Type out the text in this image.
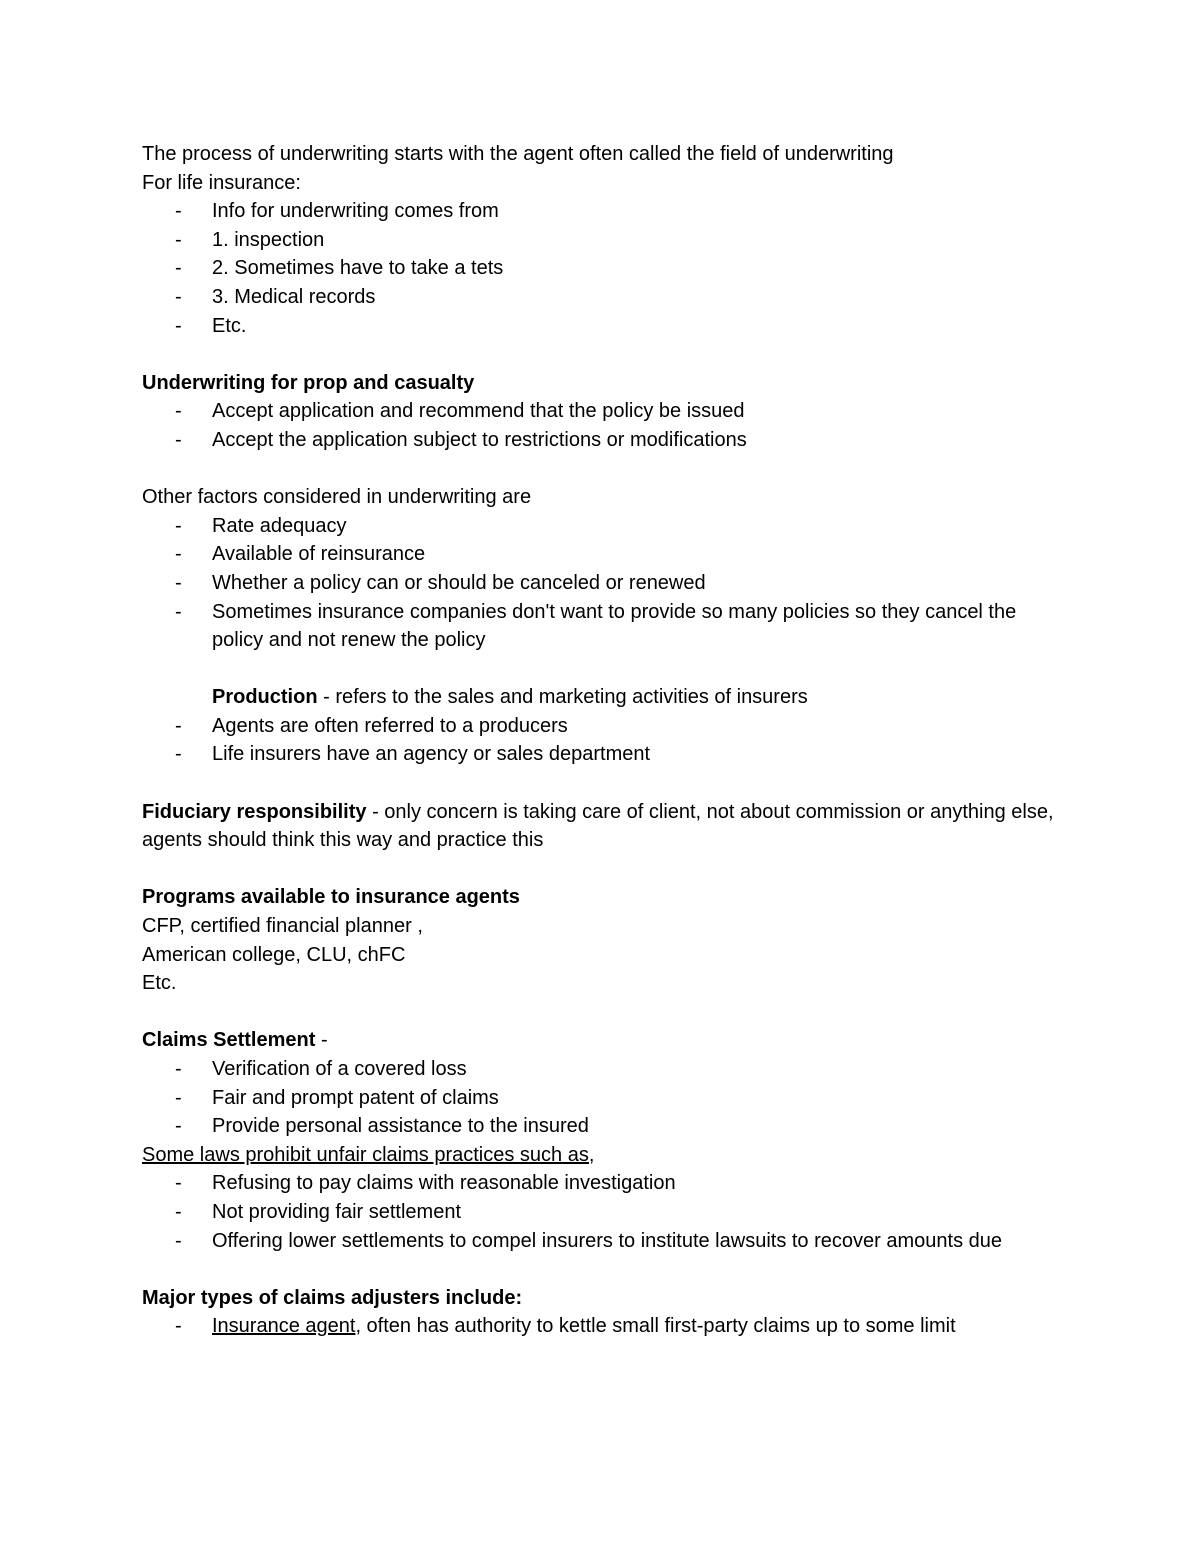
The process of underwriting starts with the agent often called the field of underwriting
For life insurance:
-	Info for underwriting comes from
-	1. inspection
-	2. Sometimes have to take a tets
-	3. Medical records
-	Etc.
Underwriting for prop and casualty
-	Accept application and recommend that the policy be issued
-	Accept the application subject to restrictions or modifications
Other factors considered in underwriting are
-	Rate adequacy
-	Available of reinsurance
-	Whether a policy can or should be canceled or renewed
-	Sometimes insurance companies don't want to provide so many policies so they cancel the policy and not renew the policy
Production - refers to the sales and marketing activities of insurers
-	Agents are often referred to a producers
-	Life insurers have an agency or sales department
Fiduciary responsibility - only concern is taking care of client, not about commission or anything else, agents should think this way and practice this
Programs available to insurance agents
CFP, certified financial planner ,
American college, CLU, chFC
Etc.
Claims Settlement -
-	Verification of a covered loss
-	Fair and prompt patent of claims
-	Provide personal assistance to the insured
Some laws prohibit unfair claims practices such as,
-	Refusing to pay claims with reasonable investigation
-	Not providing fair settlement
-	Offering lower settlements to compel insurers to institute lawsuits to recover amounts due
Major types of claims adjusters include:
-	Insurance agent, often has authority to kettle small first-party claims up to some limit
